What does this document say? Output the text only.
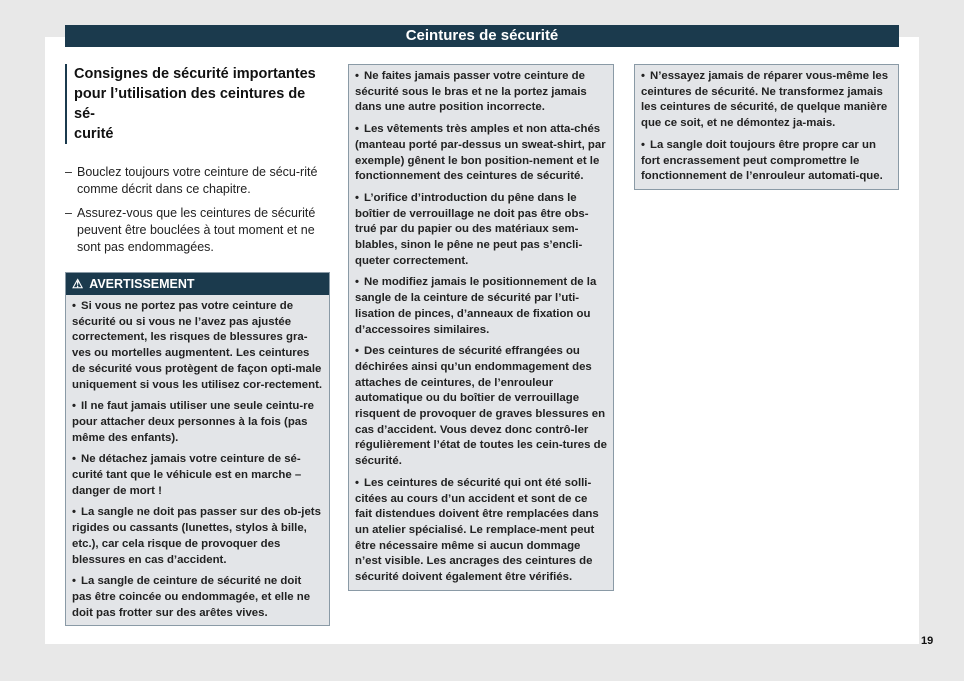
Ceintures de sécurité
Consignes de sécurité importantes
pour l’utilisation des ceintures de sé-
curité
– Bouclez toujours votre ceinture de sécu-rité comme décrit dans ce chapitre.
– Assurez-vous que les ceintures de sécurité peuvent être bouclées à tout moment et ne sont pas endommagées.
⚠ AVERTISSEMENT

• Si vous ne portez pas votre ceinture de sécurité ou si vous ne l’avez pas ajustée correctement, les risques de blessures gra-ves ou mortelles augmentent. Les ceintures de sécurité vous protègent de façon opti-male uniquement si vous les utilisez cor-rectement.

• Il ne faut jamais utiliser une seule ceintu-re pour attacher deux personnes à la fois (pas même des enfants).

• Ne détachez jamais votre ceinture de sé-curité tant que le véhicule est en marche – danger de mort !

• La sangle ne doit pas passer sur des ob-jets rigides ou cassants (lunettes, stylos à bille, etc.), car cela risque de provoquer des blessures en cas d’accident.

• La sangle de ceinture de sécurité ne doit pas être coincée ou endommagée, et elle ne doit pas frotter sur des arêtes vives.

• Ne faites jamais passer votre ceinture de sécurité sous le bras et ne la portez jamais dans une autre position incorrecte.

• Les vêtements très amples et non atta-chés (manteau porté par-dessus un sweat-shirt, par exemple) gênent le bon position-nement et le fonctionnement des ceintures de sécurité.

• L’orifice d’introduction du pêne dans le boîtier de verrouillage ne doit pas être obs-trué par du papier ou des matériaux sem-blables, sinon le pêne ne peut pas s’encli-queter correctement.

• Ne modifiez jamais le positionnement de la sangle de la ceinture de sécurité par l’uti-lisation de pinces, d’anneaux de fixation ou d’accessoires similaires.

• Des ceintures de sécurité effrangées ou déchirées ainsi qu’un endommagement des attaches de ceintures, de l’enrouleur automatique ou du boîtier de verrouillage risquent de provoquer de graves blessures en cas d’accident. Vous devez donc contrô-ler régulièrement l’état de toutes les cein-tures de sécurité.

• Les ceintures de sécurité qui ont été solli-citées au cours d’un accident et sont de ce fait distendues doivent être remplacées dans un atelier spécialisé. Le remplace-ment peut être nécessaire même si aucun dommage n’est visible. Les ancrages des ceintures de sécurité doivent également être vérifiés.

• N’essayez jamais de réparer vous-même les ceintures de sécurité. Ne transformez jamais les ceintures de sécurité, de quelque manière que ce soit, et ne démontez ja-mais.

• La sangle doit toujours être propre car un fort encrassement peut compromettre le fonctionnement de l’enrouleur automati-que.

19
